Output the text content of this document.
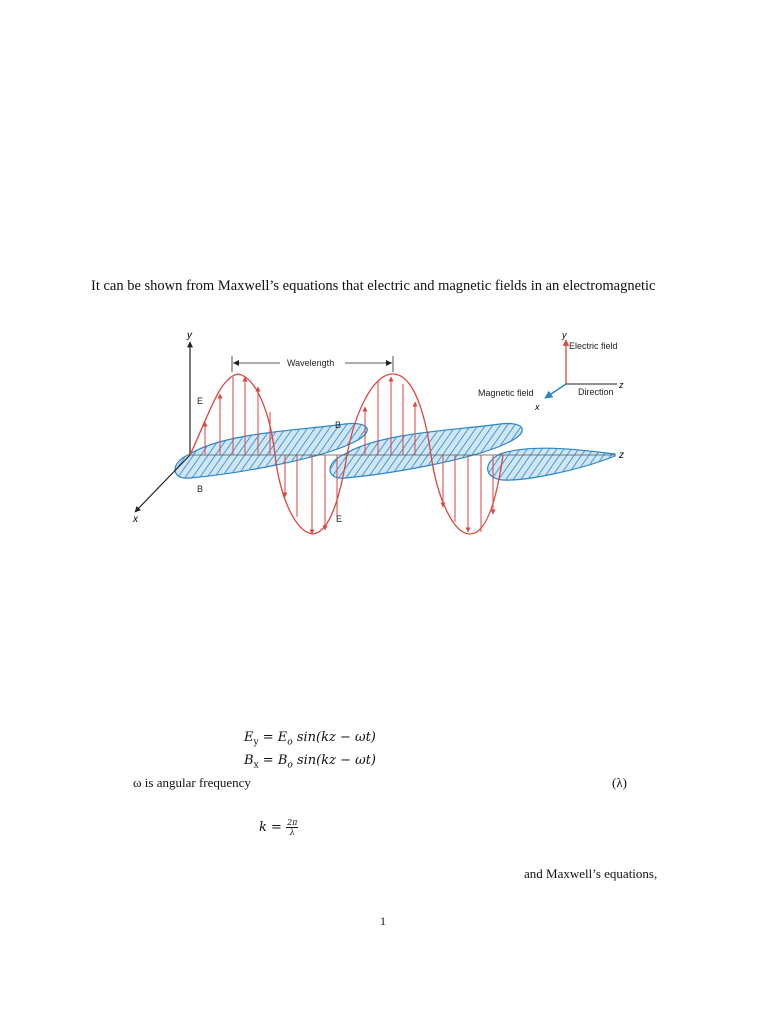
It can be shown from Maxwell’s equations that electric and magnetic fields in an electromagnetic
y
x
z
Wavelength
E
E
B
B
y
Electric field
Magnetic field
x
Direction
z
$E_y = E_o$ sin(kz − ωt)
$B_x = B_o$ sin(kz − ωt)
ω is angular frequency	(λ)
$k = \frac{2\pi}{\lambda}$
and Maxwell’s equations,
1
